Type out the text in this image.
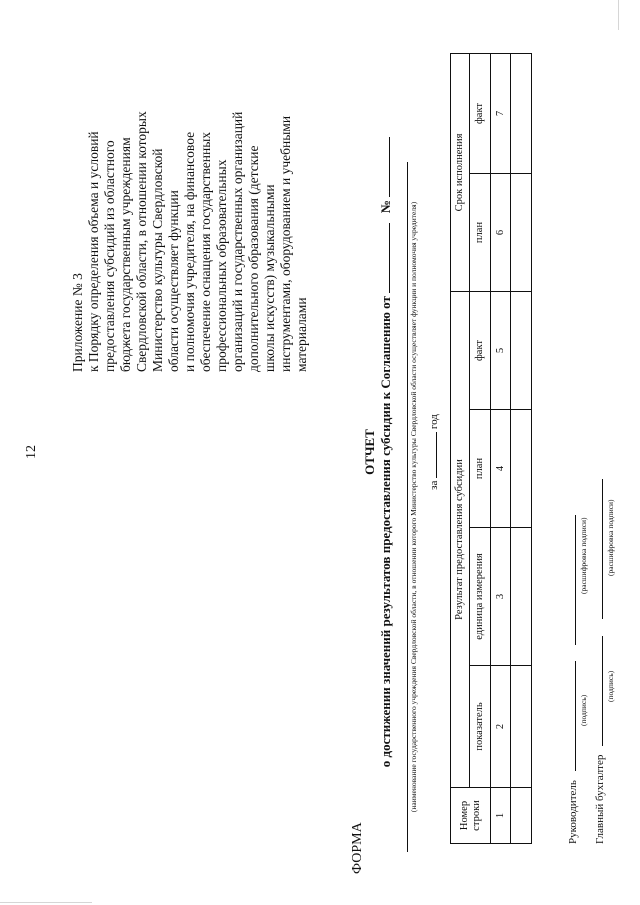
12
Приложение № 3 к Порядку определения объема и условий предоставления субсидий из областного бюджета государственным учреждениям Свердловской области, в отношении которых Министерство культуры Свердловской области осуществляет функции и полномочия учредителя, на финансовое обеспечение оснащения государственных профессиональных образовательных организаций и государственных организаций дополнительного образования (детские школы искусств) музыкальными инструментами, оборудованием и учебными материалами
ФОРМА
ОТЧЕТ о достижении значений результатов предоставления субсидии к Соглашению от    № (наименование государственного учреждения Свердловской области, в отношении которого Министерство культуры Свердловской области осуществляет функции и полномочия учредителя) за  год
Номер строки	Результат предоставления субсидии				Срок исполнения	
	показатель	единица измерения	план	факт	план	факт
1	2	3	4	5	6	7

Руководитель
(подпись)
(расшифровка подписи)
Главный бухгалтер
(подпись)
(расшифровка подписи)
